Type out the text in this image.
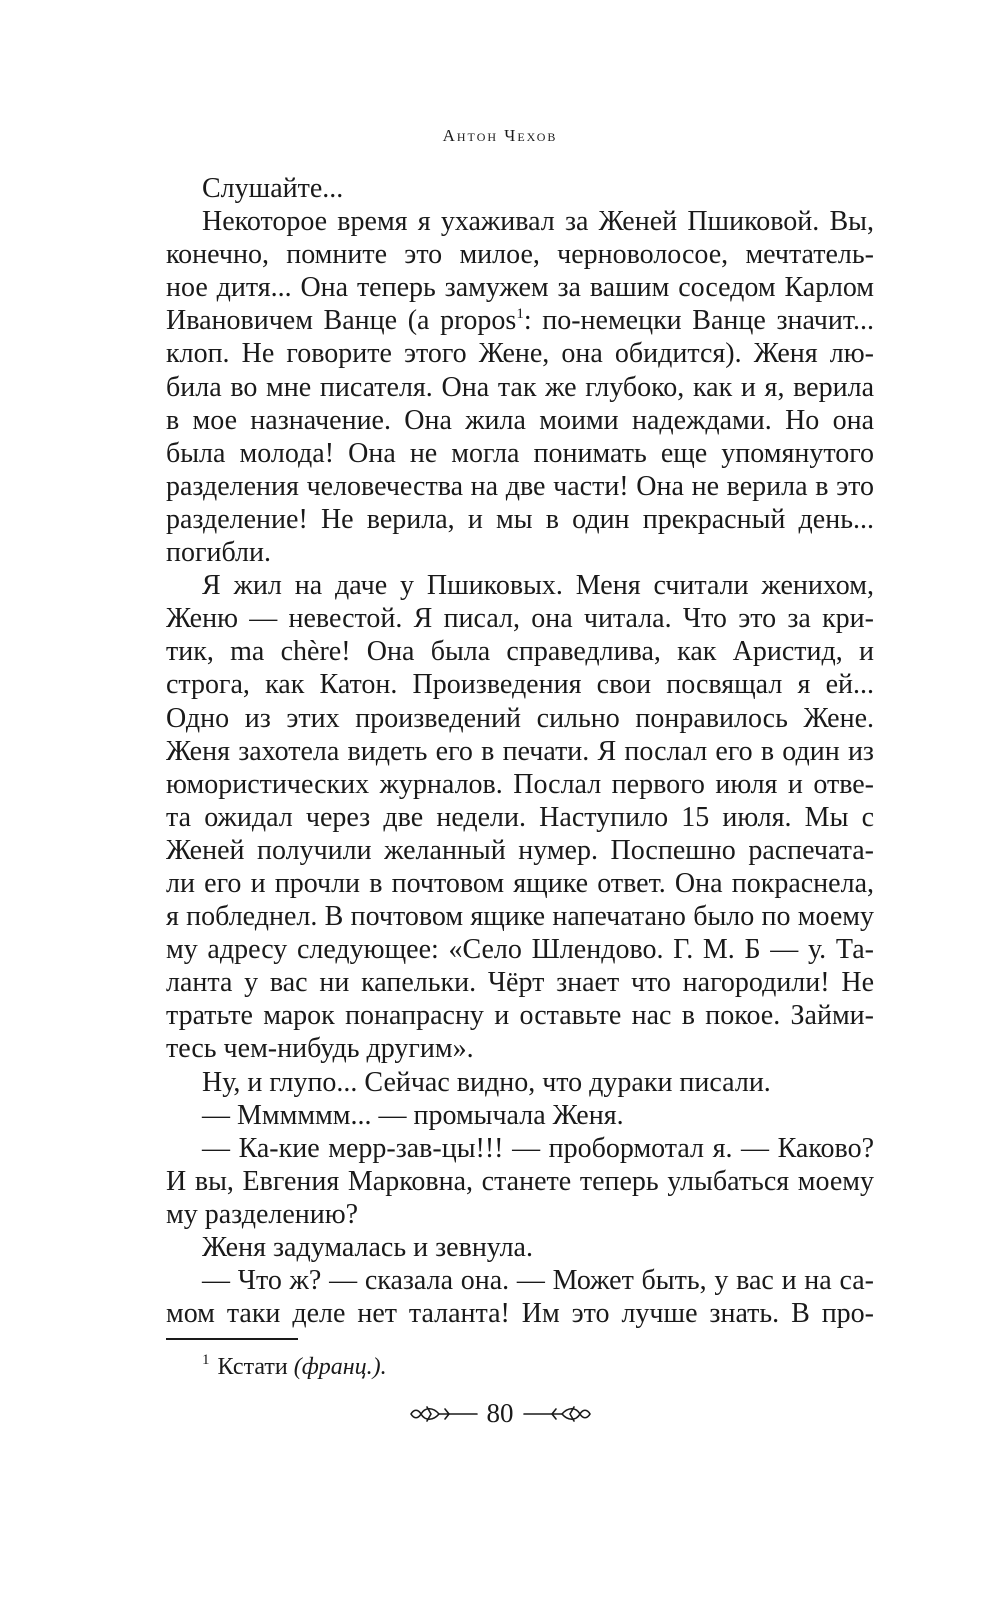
Антон Чехов
Слушайте...
Некоторое время я ухаживал за Женей Пшиковой. Вы,
конечно, помните это милое, черноволосое, мечтатель-
ное дитя... Она теперь замужем за вашим соседом Карлом
Ивановичем Ванце (a propos$^1$: по-немецки Ванце значит...
клоп. Не говорите этого Жене, она обидится). Женя лю-
била во мне писателя. Она так же глубоко, как и я, верила
в мое назначение. Она жила моими надеждами. Но она
была молода! Она не могла понимать еще упомянутого
разделения человечества на две части! Она не верила в это
разделение! Не верила, и мы в один прекрасный день...
погибли.
Я жил на даче у Пшиковых. Меня считали женихом,
Женю — невестой. Я писал, она читала. Что это за кри-
тик, ma chère! Она была справедлива, как Аристид, и
строга, как Катон. Произведения свои посвящал я ей...
Одно из этих произведений сильно понравилось Жене.
Женя захотела видеть его в печати. Я послал его в один из
юмористических журналов. Послал первого июля и отве-
та ожидал через две недели. Наступило 15 июля. Мы с
Женей получили желанный нумер. Поспешно распечата-
ли его и прочли в почтовом ящике ответ. Она покраснела,
я побледнел. В почтовом ящике напечатано было по моему
му адресу следующее: «Село Шлендово. Г. М. Б — у. Та-
ланта у вас ни капельки. Чёрт знает что нагородили! Не
тратьте марок понапрасну и оставьте нас в покое. Займи-
тесь чем-нибудь другим».
Ну, и глупо... Сейчас видно, что дураки писали.
— Мммммм... — промычала Женя.
— Ка-кие мерр-зав-цы!!! — пробормотал я. — Каково?
И вы, Евгения Марковна, станете теперь улыбаться моему
му разделению?
Женя задумалась и зевнула.
— Что ж? — сказала она. — Может быть, у вас и на са-
мом таки деле нет таланта! Им это лучше знать. В про-
$^1$ Кстати (франц.).
80
